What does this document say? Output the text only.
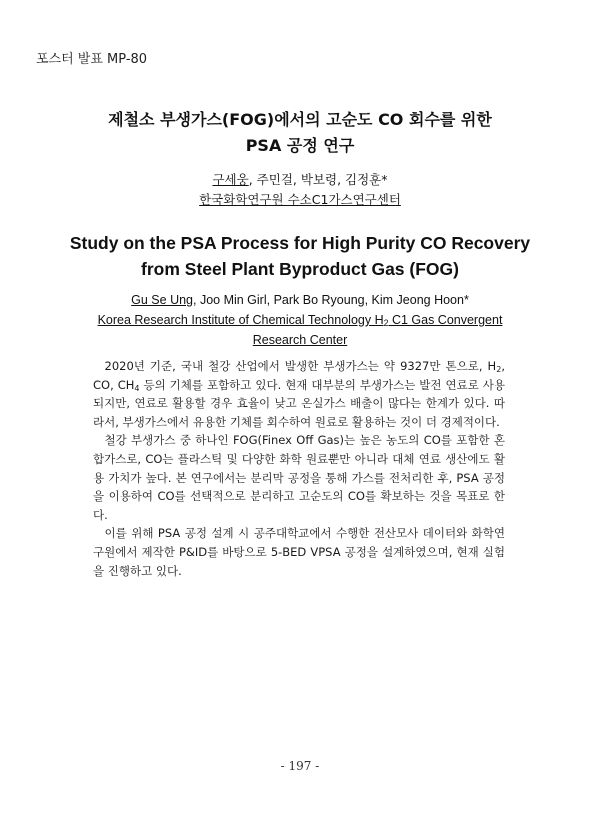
포스터 발표 MP-80
제철소 부생가스(FOG)에서의 고순도 CO 회수를 위한
PSA 공정 연구
구세웅, 주민걸, 박보령, 김정훈*
한국화학연구원 수소C1가스연구센터
Study on the PSA Process for High Purity CO Recovery
from Steel Plant Byproduct Gas (FOG)
Gu Se Ung, Joo Min Girl, Park Bo Ryoung, Kim Jeong Hoon*
Korea Research Institute of Chemical Technology $H_2$ C1 Gas Convergent
Research Center

2020년 기준, 국내 철강 산업에서 발생한 부생가스는 약 9327만 톤으로, $H_2$, CO, $CH_4$ 등의 기체를 포함하고 있다. 현재 대부분의 부생가스는 발전 연료로 사용되지만, 연료로 활용할 경우 효율이 낮고 온실가스 배출이 많다는 한계가 있다. 따라서, 부생가스에서 유용한 기체를 회수하여 원료로 활용하는 것이 더 경제적이다.

철강 부생가스 중 하나인 FOG(Finex Off Gas)는 높은 농도의 CO를 포함한 혼합가스로, CO는 플라스틱 및 다양한 화학 원료뿐만 아니라 대체 연료 생산에도 활용 가치가 높다. 본 연구에서는 분리막 공정을 통해 가스를 전처리한 후, PSA 공정을 이용하여 CO를 선택적으로 분리하고 고순도의 CO를 확보하는 것을 목표로 한다.

이를 위해 PSA 공정 설계 시 공주대학교에서 수행한 전산모사 데이터와 화학연구원에서 제작한 P&ID를 바탕으로 5-BED VPSA 공정을 설계하였으며, 현재 실험을 진행하고 있다.

- 197 -
